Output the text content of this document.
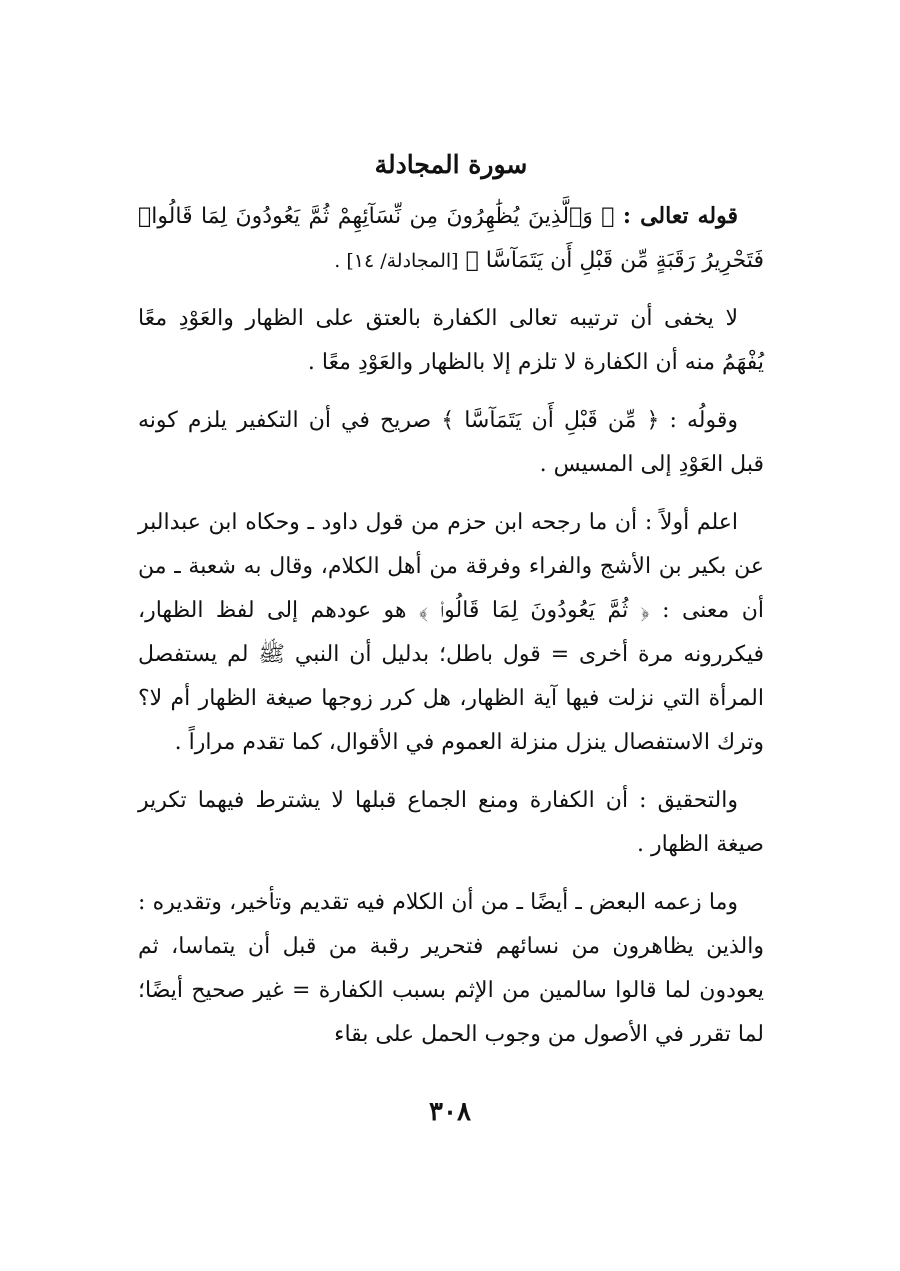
سورة المجادلة

قوله تعالى : ﴿ وَٱلَّذِينَ يُظَٰهِرُونَ مِن نِّسَآئِهِمْ ثُمَّ يَعُودُونَ لِمَا قَالُوا۟ فَتَحْرِيرُ رَقَبَةٍ مِّن قَبْلِ أَن يَتَمَآسَّا ﴾ [المجادلة/ ١٤] .

لا يخفى أن ترتيبه تعالى الكفارة بالعتق على الظهار والعَوْدِ معًا يُفْهَمُ منه أن الكفارة لا تلزم إلا بالظهار والعَوْدِ معًا .

وقولُه : ﴿ مِّن قَبْلِ أَن يَتَمَآسَّا ﴾ صريح في أن التكفير يلزم كونه قبل العَوْدِ إلى المسيس .

اعلم أولاً : أن ما رجحه ابن حزم من قول داود ـ وحكاه ابن عبدالبر عن بكير بن الأشج والفراء وفرقة من أهل الكلام، وقال به شعبة ـ من أن معنى : ﴿ ثُمَّ يَعُودُونَ لِمَا قَالُوا۟ ﴾ هو عودهم إلى لفظ الظهار، فيكررونه مرة أخرى = قول باطل؛ بدليل أن النبي ﷺ لم يستفصل المرأة التي نزلت فيها آية الظهار، هل كرر زوجها صيغة الظهار أم لا؟ وترك الاستفصال ينزل منزلة العموم في الأقوال، كما تقدم مراراً .

والتحقيق : أن الكفارة ومنع الجماع قبلها لا يشترط فيهما تكرير صيغة الظهار .

وما زعمه البعض ـ أيضًا ـ من أن الكلام فيه تقديم وتأخير، وتقديره : والذين يظاهرون من نسائهم فتحرير رقبة من قبل أن يتماسا، ثم يعودون لما قالوا سالمين من الإثم بسبب الكفارة = غير صحيح أيضًا؛ لما تقرر في الأصول من وجوب الحمل على بقاء

٣٠٨
